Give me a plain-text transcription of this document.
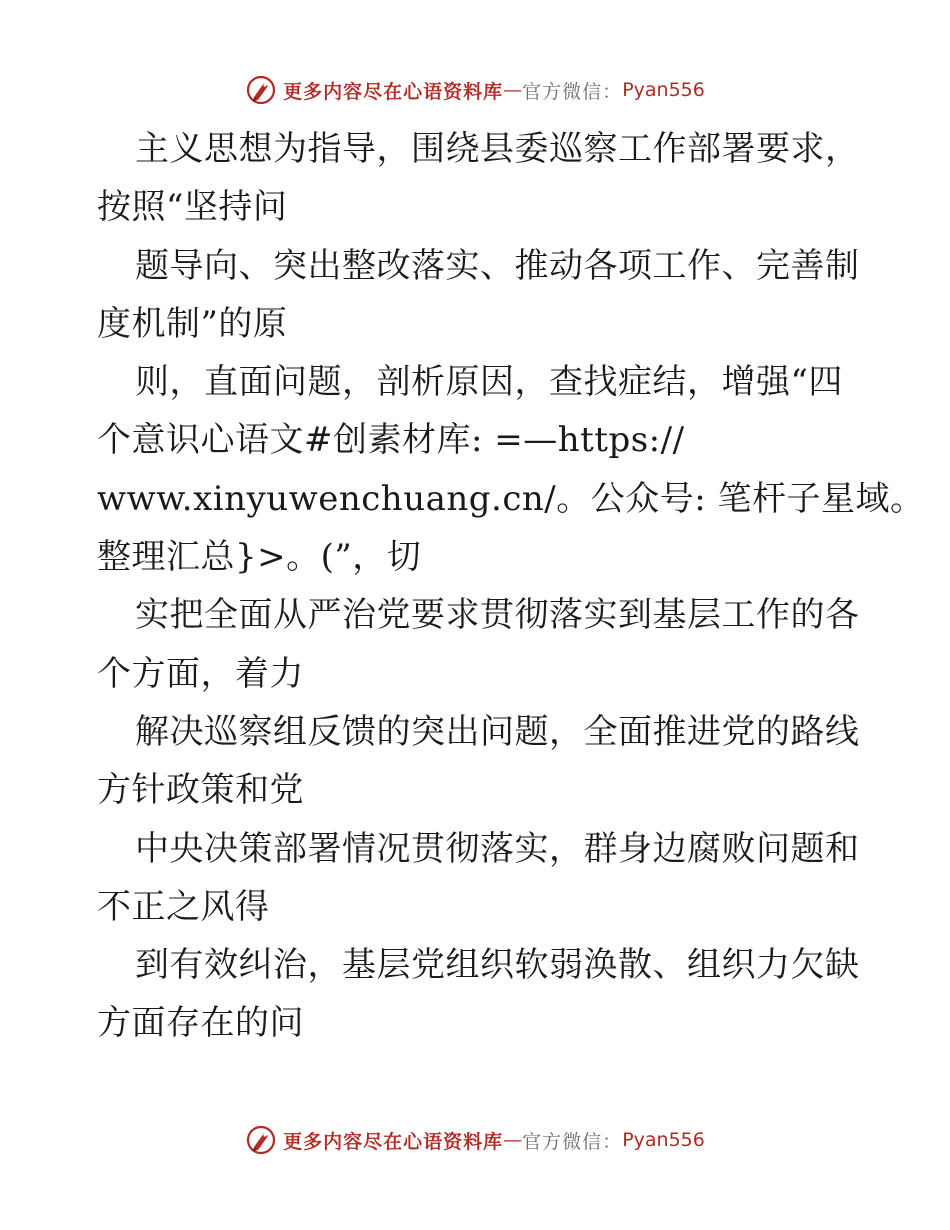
更多内容尽在心语资料库 — 官方微信： Pyan556
主义思想为指导，围绕县委巡察工作部署要求，
按照“坚持问
题导向、突出整改落实、推动各项工作、完善制
度机制”的原
则，直面问题，剖析原因，查找症结，增强“四
个意识心语文#创素材库: =—https://
www.xinyuwenchuang.cn/。公众号: 笔杆子星域。
整理汇总}>。(”，切
实把全面从严治党要求贯彻落实到基层工作的各
个方面，着力
解决巡察组反馈的突出问题，全面推进党的路线
方针政策和党
中央决策部署情况贯彻落实，群身边腐败问题和
不正之风得
到有效纠治，基层党组织软弱涣散、组织力欠缺
方面存在的问
更多内容尽在心语资料库 — 官方微信： Pyan556
